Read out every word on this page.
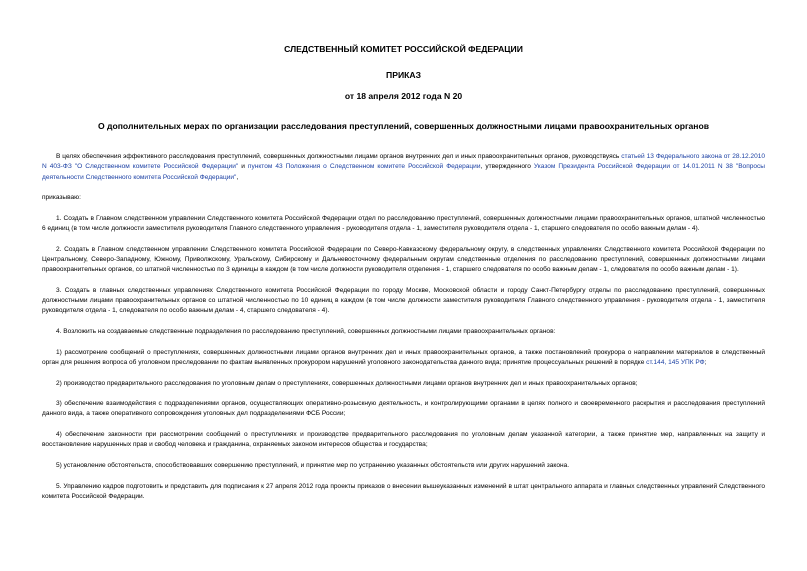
СЛЕДСТВЕННЫЙ КОМИТЕТ РОССИЙСКОЙ ФЕДЕРАЦИИ
ПРИКАЗ
от 18 апреля 2012 года N 20
О дополнительных мерах по организации расследования преступлений, совершенных должностными лицами правоохранительных органов

В целях обеспечения эффективного расследования преступлений, совершенных должностными лицами органов внутренних дел и иных правоохранительных органов, руководствуясь статьей 13 Федерального закона от 28.12.2010 N 403-ФЗ "О Следственном комитете Российской Федерации" и пунктом 43 Положения о Следственном комитете Российской Федерации, утвержденного Указом Президента Российской Федерации от 14.01.2011 N 38 "Вопросы деятельности Следственного комитета Российской Федерации",

приказываю:

1. Создать в Главном следственном управлении Следственного комитета Российской Федерации отдел по расследованию преступлений, совершенных должностными лицами правоохранительных органов, штатной численностью 6 единиц (в том числе должности заместителя руководителя Главного следственного управления - руководителя отдела - 1, заместителя руководителя отдела - 1, старшего следователя по особо важным делам - 4).

2. Создать в Главном следственном управлении Следственного комитета Российской Федерации по Северо-Кавказскому федеральному округу, в следственных управлениях Следственного комитета Российской Федерации по Центральному, Северо-Западному, Южному, Приволжскому, Уральскому, Сибирскому и Дальневосточному федеральным округам следственные отделения по расследованию преступлений, совершенных должностными лицами правоохранительных органов, со штатной численностью по 3 единицы в каждом (в том числе должности руководителя отделения - 1, старшего следователя по особо важным делам - 1, следователя по особо важным делам - 1).

3. Создать в главных следственных управлениях Следственного комитета Российской Федерации по городу Москве, Московской области и городу Санкт-Петербургу отделы по расследованию преступлений, совершенных должностными лицами правоохранительных органов со штатной численностью по 10 единиц в каждом (в том числе должности заместителя руководителя Главного следственного управления - руководителя отдела - 1, заместителя руководителя отдела - 1, следователя по особо важным делам - 4, старшего следователя - 4).

4. Возложить на создаваемые следственные подразделения по расследованию преступлений, совершенных должностными лицами правоохранительных органов:

1) рассмотрение сообщений о преступлениях, совершенных должностными лицами органов внутренних дел и иных правоохранительных органов, а также постановлений прокурора о направлении материалов в следственный орган для решения вопроса об уголовном преследовании по фактам выявленных прокурором нарушений уголовного законодательства данного вида; принятие процессуальных решений в порядке ст.144, 145 УПК РФ;

2) производство предварительного расследования по уголовным делам о преступлениях, совершенных должностными лицами органов внутренних дел и иных правоохранительных органов;

3) обеспечение взаимодействия с подразделениями органов, осуществляющих оперативно-розыскную деятельность, и контролирующими органами в целях полного и своевременного раскрытия и расследования преступлений данного вида, а также оперативного сопровождения уголовных дел подразделениями ФСБ России;

4) обеспечение законности при рассмотрении сообщений о преступлениях и производстве предварительного расследования по уголовным делам указанной категории, а также принятие мер, направленных на защиту и восстановление нарушенных прав и свобод человека и гражданина, охраняемых законом интересов общества и государства;

5) установление обстоятельств, способствовавших совершению преступлений, и принятие мер по устранению указанных обстоятельств или других нарушений закона.

5. Управлению кадров подготовить и представить для подписания к 27 апреля 2012 года проекты приказов о внесении вышеуказанных изменений в штат центрального аппарата и главных следственных управлений Следственного комитета Российской Федерации.
